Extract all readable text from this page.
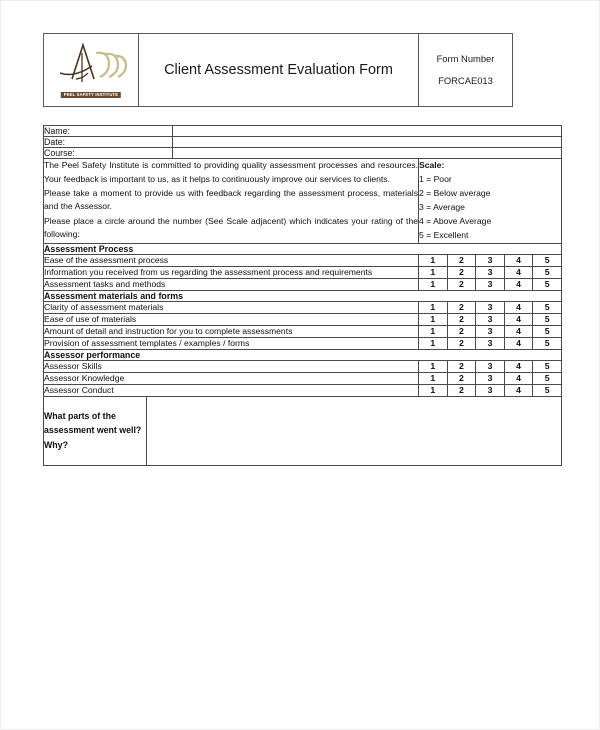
PEEL SAFETY INSTITUTE
	Client Assessment Evaluation Form	
Form Number
FORCAE013
Name:							
Date:							
Course:							

The Peel Safety Institute is committed to providing quality assessment processes and resources. Your feedback is important to us, as it helps to continuously improve our services to clients.

Please take a moment to provide us with feedback regarding the assessment process, materials and the Assessor.

Please place a circle around the number (See Scale adjacent) which indicates your rating of the following:

Scale:
1 = Poor
2 = Below average
3 = Average
4 = Above Average
5 = Excellent

Assessment Process							
Ease of the assessment process			1	2	3	4	5
Information you received from us regarding the assessment process and requirements			1	2	3	4	5
Assessment tasks and methods			1	2	3	4	5
Assessment materials and forms							
Clarity of assessment materials			1	2	3	4	5
Ease of use of materials			1	2	3	4	5
Amount of detail and instruction for you to complete assessments			1	2	3	4	5
Provision of assessment templates / examples / forms			1	2	3	4	5
Assessor performance							
Assessor Skills			1	2	3	4	5
Assessor Knowledge			1	2	3	4	5
Assessor Conduct			1	2	3	4	5
What parts of the assessment went well? Why?							
